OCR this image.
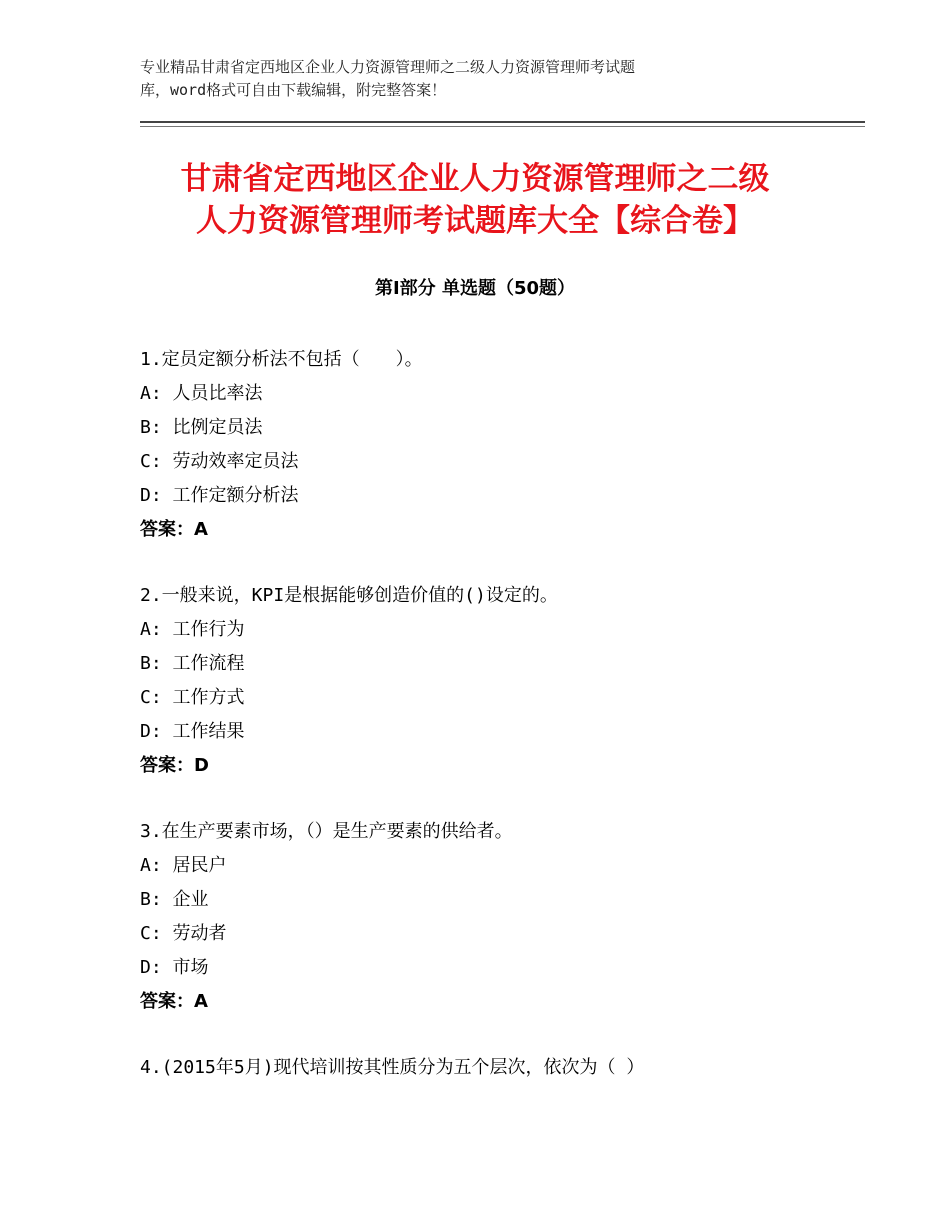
专业精品甘肃省定西地区企业人力资源管理师之二级人力资源管理师考试题
库，word格式可自由下载编辑，附完整答案！
甘肃省定西地区企业人力资源管理师之二级
人力资源管理师考试题库大全【综合卷】
第Ⅰ部分 单选题（50题）
1.定员定额分析法不包括（　　）。
A: 人员比率法
B: 比例定员法
C: 劳动效率定员法
D: 工作定额分析法
答案：A
2.一般来说，KPI是根据能够创造价值的()设定的。
A: 工作行为
B: 工作流程
C: 工作方式
D: 工作结果
答案：D
3.在生产要素市场，（）是生产要素的供给者。
A: 居民户
B: 企业
C: 劳动者
D: 市场
答案：A
4.(2015年5月)现代培训按其性质分为五个层次，依次为（ ）
